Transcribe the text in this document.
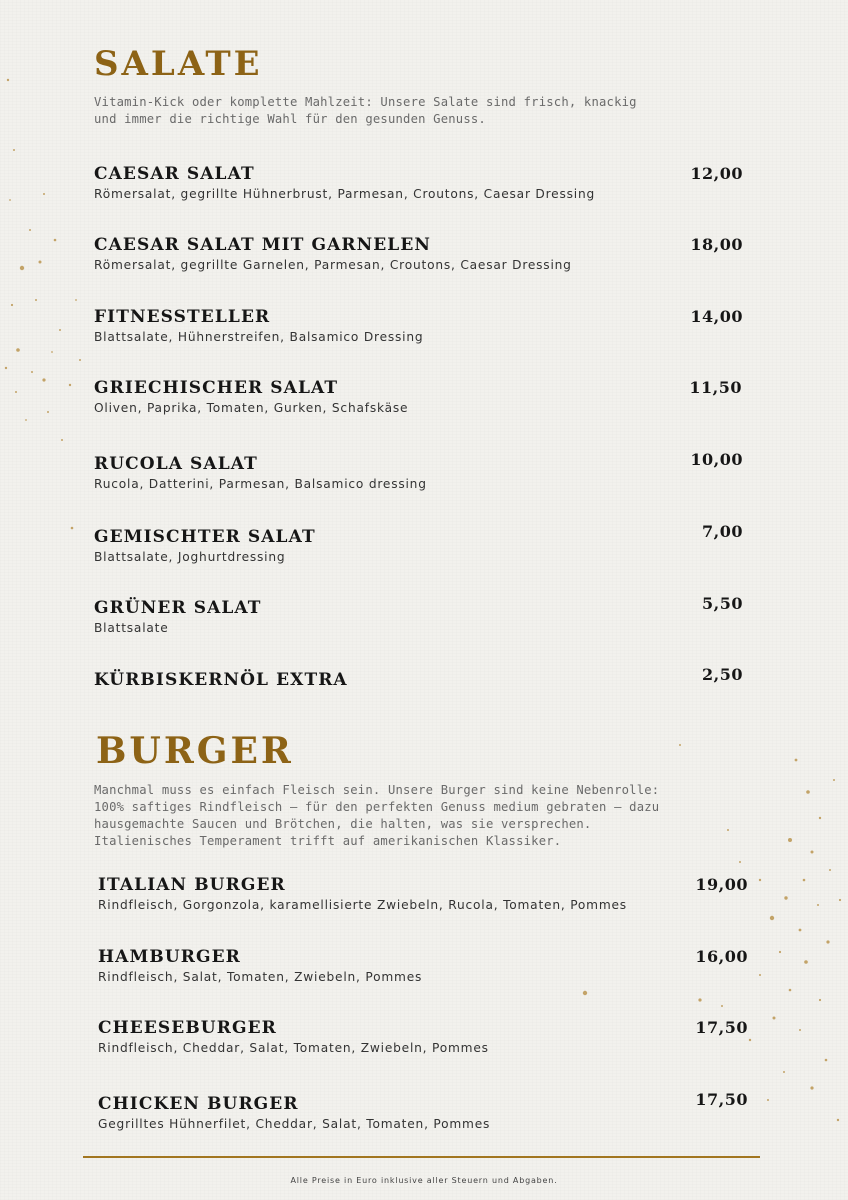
SALATE

Vitamin-Kick oder komplette Mahlzeit: Unsere Salate sind frisch, knackig
und immer die richtige Wahl für den gesunden Genuss.

CAESAR SALAT
Römersalat, gegrillte Hühnerbrust, Parmesan, Croutons, Caesar Dressing
12,00
CAESAR SALAT MIT GARNELEN
Römersalat, gegrillte Garnelen, Parmesan, Croutons, Caesar Dressing
18,00
FITNESSTELLER
Blattsalate, Hühnerstreifen, Balsamico Dressing
14,00
GRIECHISCHER SALAT
Oliven, Paprika, Tomaten, Gurken, Schafskäse
11,50
RUCOLA SALAT
Rucola, Datterini, Parmesan, Balsamico dressing
10,00
GEMISCHTER SALAT
Blattsalate, Joghurtdressing
7,00
GRÜNER SALAT
Blattsalate
5,50
KÜRBISKERNÖL EXTRA	2,50
BURGER

Manchmal muss es einfach Fleisch sein. Unsere Burger sind keine Nebenrolle:
100% saftiges Rindfleisch – für den perfekten Genuss medium gebraten – dazu
hausgemachte Saucen und Brötchen, die halten, was sie versprechen.
Italienisches Temperament trifft auf amerikanischen Klassiker.

ITALIAN BURGER
Rindfleisch, Gorgonzola, karamellisierte Zwiebeln, Rucola, Tomaten, Pommes
19,00
HAMBURGER
Rindfleisch, Salat, Tomaten, Zwiebeln, Pommes
16,00
CHEESEBURGER
Rindfleisch, Cheddar, Salat, Tomaten, Zwiebeln, Pommes
17,50
CHICKEN BURGER
Gegrilltes Hühnerfilet, Cheddar, Salat, Tomaten, Pommes
17,50
Alle Preise in Euro inklusive aller Steuern und Abgaben.
